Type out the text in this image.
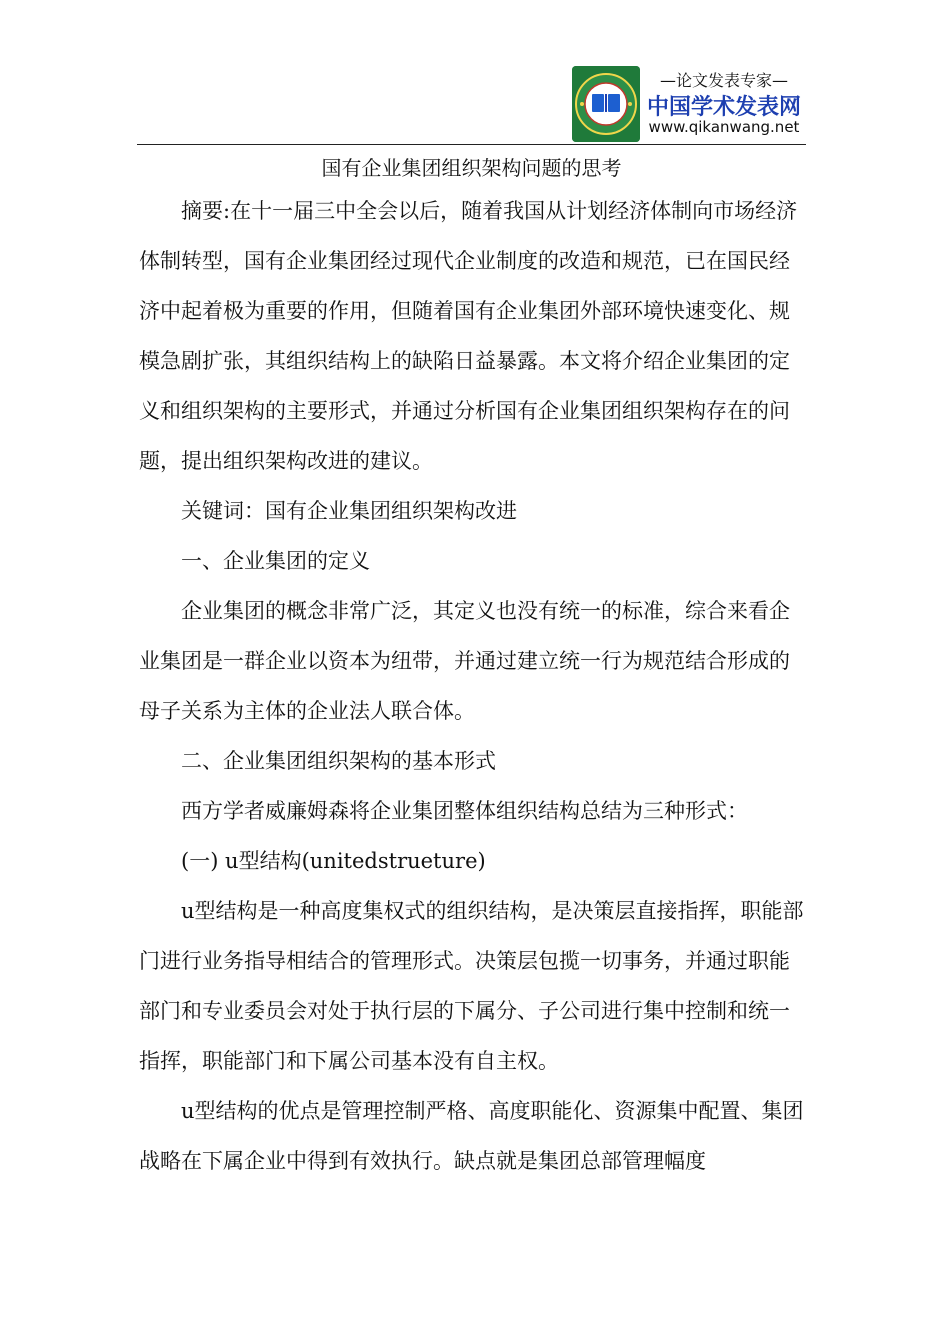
—论文发表专家—
中国学术发表网
www.qikanwang.net
国有企业集团组织架构问题的思考

摘要:在十一届三中全会以后，随着我国从计划经济体制向市场经济体制转型，国有企业集团经过现代企业制度的改造和规范，已在国民经济中起着极为重要的作用，但随着国有企业集团外部环境快速变化、规模急剧扩张，其组织结构上的缺陷日益暴露。本文将介绍企业集团的定义和组织架构的主要形式，并通过分析国有企业集团组织架构存在的问题，提出组织架构改进的建议。

关键词：国有企业集团组织架构改进

一、企业集团的定义

企业集团的概念非常广泛，其定义也没有统一的标准，综合来看企业集团是一群企业以资本为纽带，并通过建立统一行为规范结合形成的母子关系为主体的企业法人联合体。

二、企业集团组织架构的基本形式

西方学者威廉姆森将企业集团整体组织结构总结为三种形式：

(一) u型结构(unitedstrueture)

u型结构是一种高度集权式的组织结构，是决策层直接指挥，职能部门进行业务指导相结合的管理形式。决策层包揽一切事务，并通过职能部门和专业委员会对处于执行层的下属分、子公司进行集中控制和统一指挥，职能部门和下属公司基本没有自主权。

u型结构的优点是管理控制严格、高度职能化、资源集中配置、集团战略在下属企业中得到有效执行。缺点就是集团总部管理幅度
